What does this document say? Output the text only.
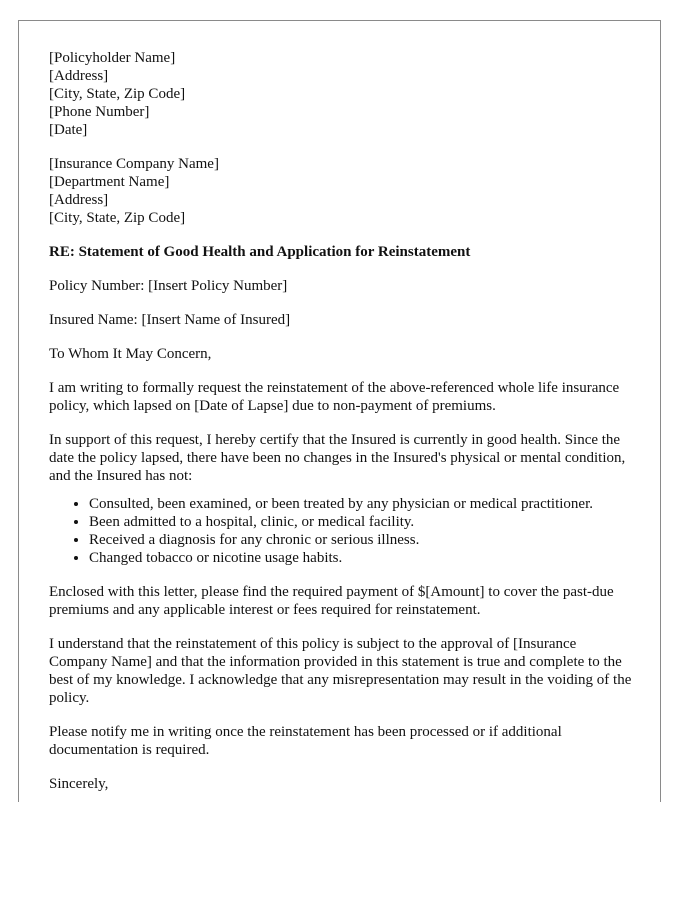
[Policyholder Name]
[Address]
[City, State, Zip Code]
[Phone Number]
[Date]
[Insurance Company Name]
[Department Name]
[Address]
[City, State, Zip Code]

RE: Statement of Good Health and Application for Reinstatement

Policy Number: [Insert Policy Number]

Insured Name: [Insert Name of Insured]

To Whom It May Concern,

I am writing to formally request the reinstatement of the above-referenced whole life insurance policy, which lapsed on [Date of Lapse] due to non-payment of premiums.

In support of this request, I hereby certify that the Insured is currently in good health. Since the date the policy lapsed, there have been no changes in the Insured's physical or mental condition, and the Insured has not:

• Consulted, been examined, or been treated by any physician or medical practitioner.
• Been admitted to a hospital, clinic, or medical facility.
• Received a diagnosis for any chronic or serious illness.
• Changed tobacco or nicotine usage habits.

Enclosed with this letter, please find the required payment of $[Amount] to cover the past-due premiums and any applicable interest or fees required for reinstatement.

I understand that the reinstatement of this policy is subject to the approval of [Insurance Company Name] and that the information provided in this statement is true and complete to the best of my knowledge. I acknowledge that any misrepresentation may result in the voiding of the policy.

Please notify me in writing once the reinstatement has been processed or if additional documentation is required.

Sincerely,
